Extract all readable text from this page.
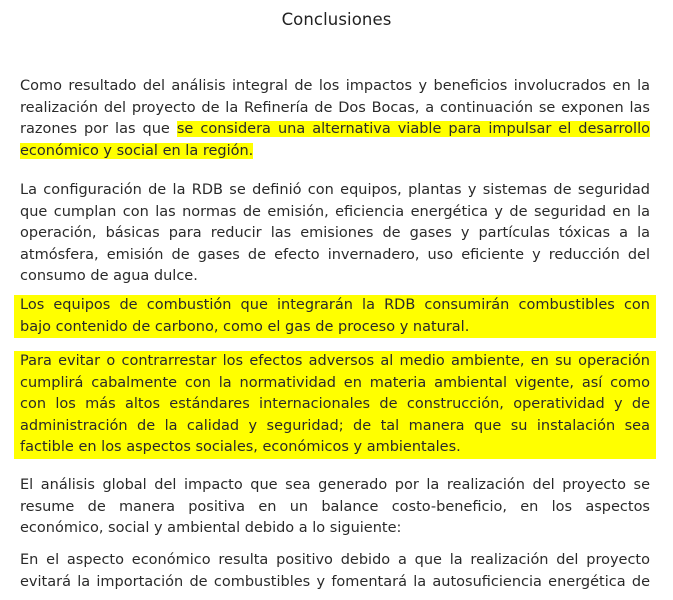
Conclusiones
Como resultado del análisis integral de los impactos y beneficios involucrados en la
realización del proyecto de la Refinería de Dos Bocas, a continuación se exponen las
razones por las que se considera una alternativa viable para impulsar el desarrollo
económico y social en la región.
La configuración de la RDB se definió con equipos, plantas y sistemas de seguridad
que cumplan con las normas de emisión, eficiencia energética y de seguridad en la
operación, básicas para reducir las emisiones de gases y partículas tóxicas a la
atmósfera, emisión de gases de efecto invernadero, uso eficiente y reducción del
consumo de agua dulce.
Los equipos de combustión que integrarán la RDB consumirán combustibles con
bajo contenido de carbono, como el gas de proceso y natural.
Para evitar o contrarrestar los efectos adversos al medio ambiente, en su operación
cumplirá cabalmente con la normatividad en materia ambiental vigente, así como
con los más altos estándares internacionales de construcción, operatividad y de
administración de la calidad y seguridad; de tal manera que su instalación sea
factible en los aspectos sociales, económicos y ambientales.
El análisis global del impacto que sea generado por la realización del proyecto se
resume de manera positiva en un balance costo-beneficio, en los aspectos
económico, social y ambiental debido a lo siguiente:
En el aspecto económico resulta positivo debido a que la realización del proyecto
evitará la importación de combustibles y fomentará la autosuficiencia energética de
